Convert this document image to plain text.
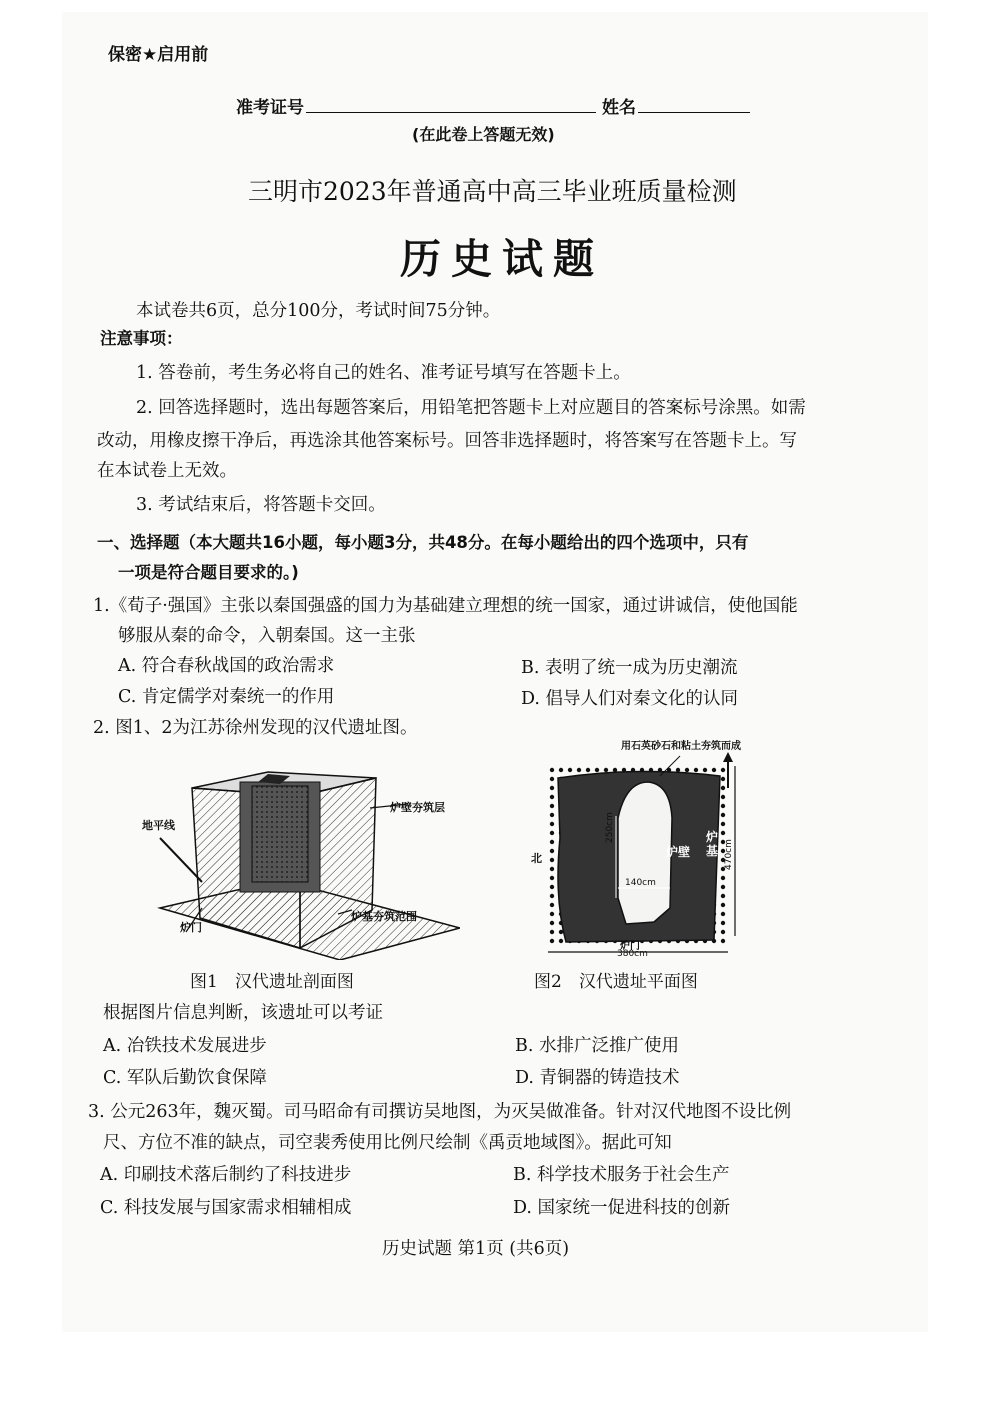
保密★启用前
准考证号	姓名
(在此卷上答题无效)
三明市2023年普通高中高三毕业班质量检测
历史试题
本试卷共6页，总分100分，考试时间75分钟。
注意事项：
1. 答卷前，考生务必将自己的姓名、准考证号填写在答题卡上。
2. 回答选择题时，选出每题答案后，用铅笔把答题卡上对应题目的答案标号涂黑。如需
改动，用橡皮擦干净后，再选涂其他答案标号。回答非选择题时，将答案写在答题卡上。写
在本试卷上无效。
3. 考试结束后，将答题卡交回。
一、选择题（本大题共16小题，每小题3分，共48分。在每小题给出的四个选项中，只有
一项是符合题目要求的。)
1.《荀子·强国》主张以秦国强盛的国力为基础建立理想的统一国家，通过讲诚信，使他国能
够服从秦的命令，入朝秦国。这一主张
A. 符合春秋战国的政治需求	B. 表明了统一成为历史潮流
C. 肯定儒学对秦统一的作用	D. 倡导人们对秦文化的认同
2. 图1、2为江苏徐州发现的汉代遗址图。
地平线
炉壁夯筑层
炉基夯筑范围
炉门
图1　汉代遗址剖面图
用石英砂石和粘土夯筑而成
北	炉壁
炉基
炉门
250cm
140cm
470cm
380cm
图2　汉代遗址平面图
根据图片信息判断，该遗址可以考证
A. 冶铁技术发展进步	B. 水排广泛推广使用
C. 军队后勤饮食保障	D. 青铜器的铸造技术
3. 公元263年，魏灭蜀。司马昭命有司撰访吴地图，为灭吴做准备。针对汉代地图不设比例
尺、方位不准的缺点，司空裴秀使用比例尺绘制《禹贡地域图》。据此可知
A. 印刷技术落后制约了科技进步	B. 科学技术服务于社会生产
C. 科技发展与国家需求相辅相成	D. 国家统一促进科技的创新
历史试题 第1页 (共6页)
